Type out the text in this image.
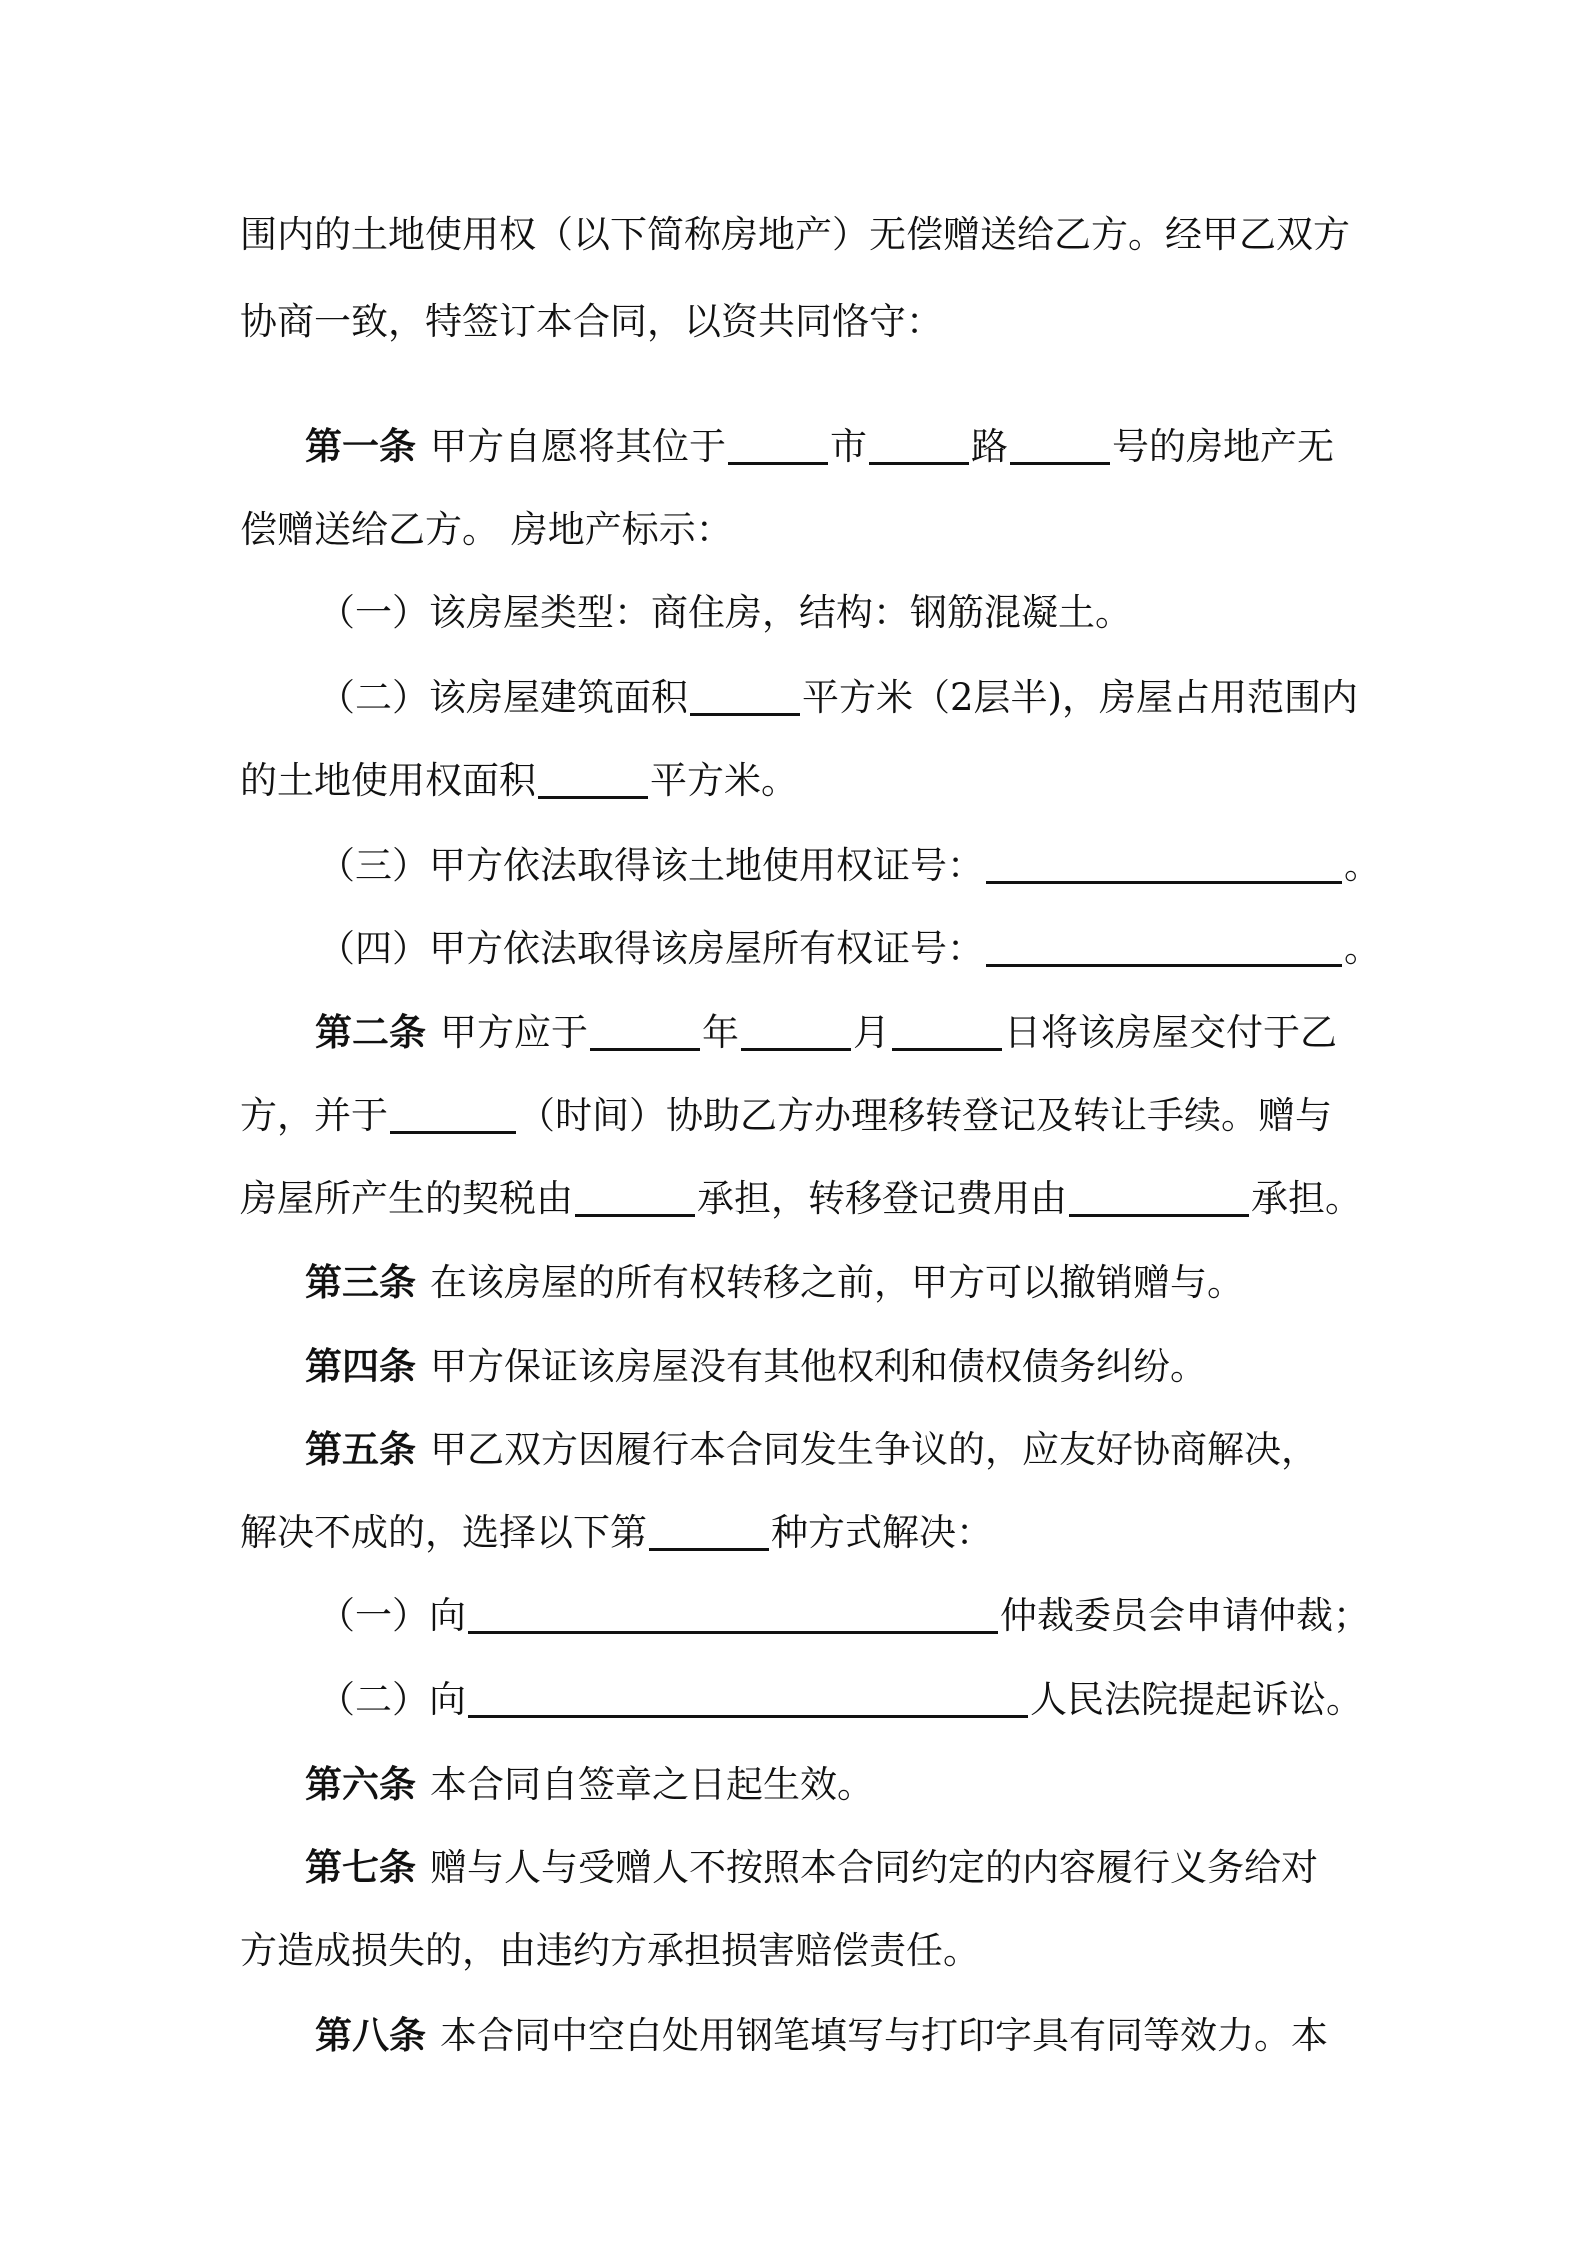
围内的土地使用权（以下简称房地产）无偿赠送给乙方。经甲乙双方
协商一致，特签订本合同，以资共同恪守：
第一条 甲方自愿将其位于	市	路	号的房地产无
偿赠送给乙方。 房地产标示：
（一）该房屋类型：商住房，结构：钢筋混凝土。
（二）该房屋建筑面积	平方米（2层半)，房屋占用范围内
的土地使用权面积	平方米。
（三）甲方依法取得该土地使用权证号：	。
（四）甲方依法取得该房屋所有权证号：	。
第二条 甲方应于	年	月	日将该房屋交付于乙
方，并于	（时间）协助乙方办理移转登记及转让手续。赠与
房屋所产生的契税由	承担，转移登记费用由	承担。
第三条 在该房屋的所有权转移之前，甲方可以撤销赠与。
第四条 甲方保证该房屋没有其他权利和债权债务纠纷。
第五条 甲乙双方因履行本合同发生争议的，应友好协商解决，
解决不成的，选择以下第	种方式解决：
（一）向	仲裁委员会申请仲裁；
（二）向	人民法院提起诉讼。
第六条 本合同自签章之日起生效。
第七条 赠与人与受赠人不按照本合同约定的内容履行义务给对
方造成损失的，由违约方承担损害赔偿责任。
第八条 本合同中空白处用钢笔填写与打印字具有同等效力。本
